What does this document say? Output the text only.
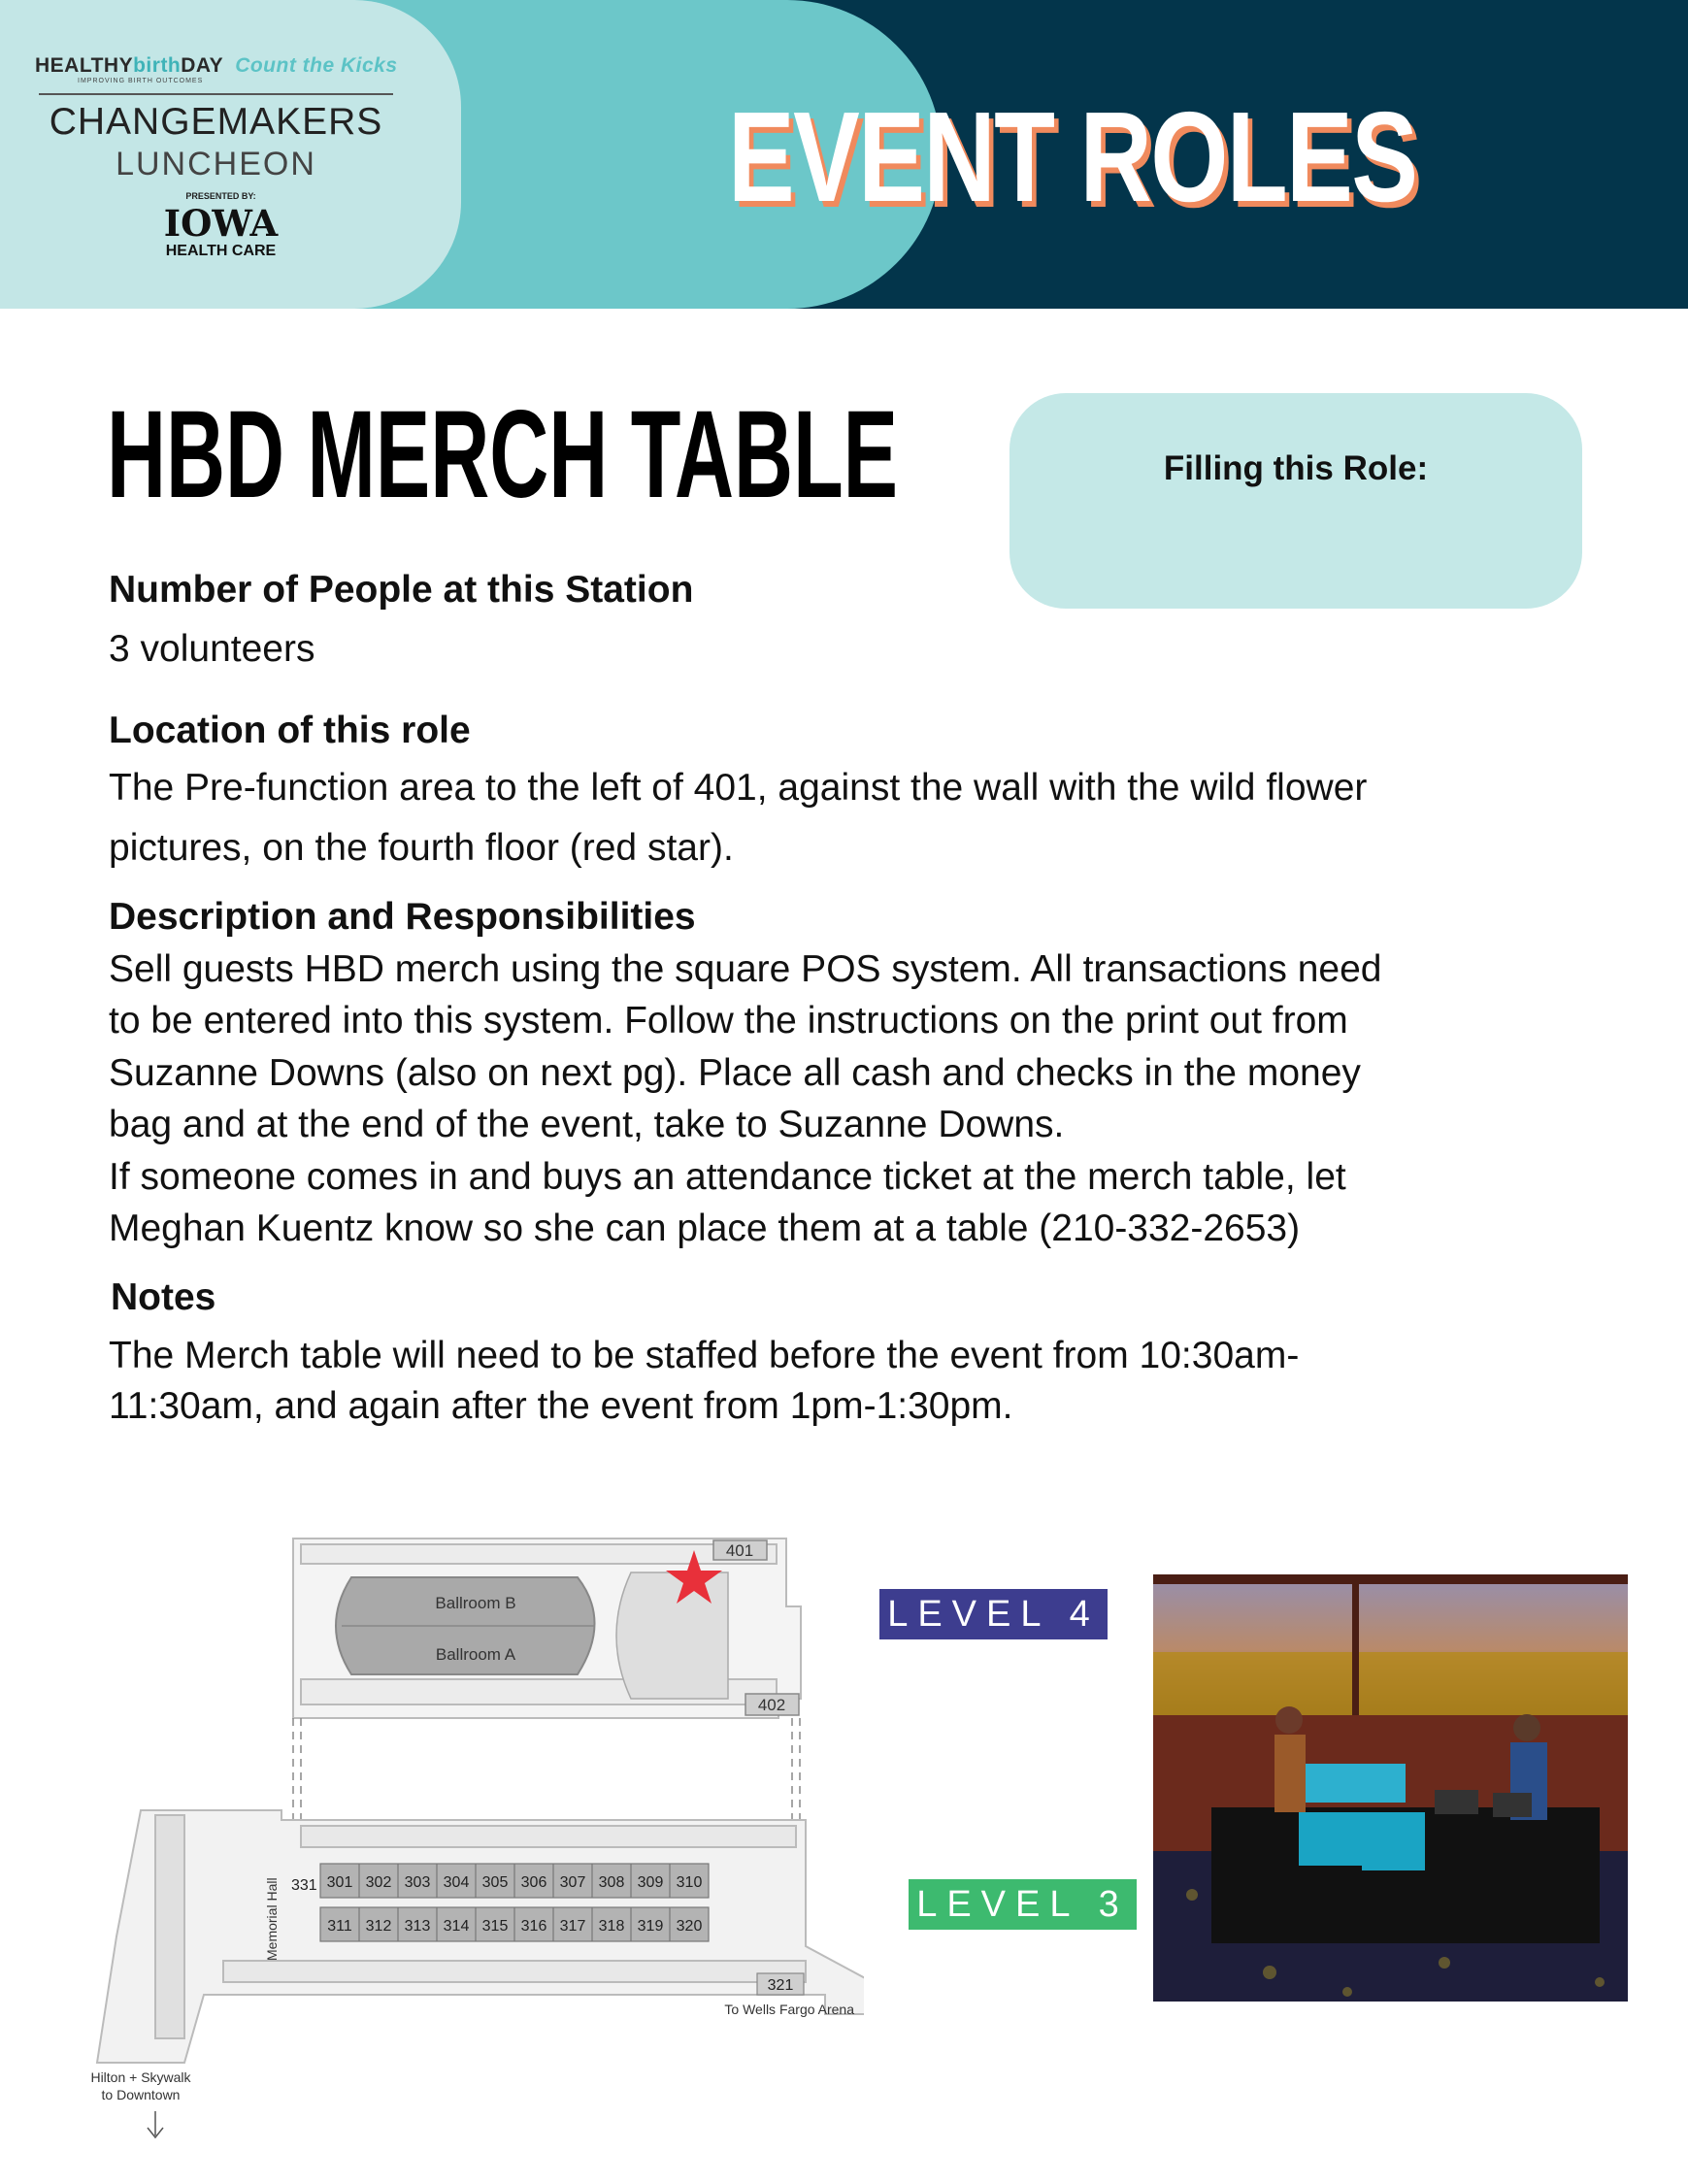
HEALTHYbirthDAY Count the Kicks
IMPROVING BIRTH OUTCOMES
CHANGEMAKERS
LUNCHEON
PRESENTED BY:
IOWA
HEALTH CARE
EVENT ROLES
HBD MERCH TABLE	Filling this Role:
Number of People at this Station
3 volunteers
Location of this role
The Pre-function area to the left of 401, against the wall with the wild flower
pictures, on the fourth floor (red star).
Description and Responsibilities
Sell guests HBD merch using the square POS system. All transactions need
to be entered into this system. Follow the instructions on the print out from
Suzanne Downs (also on next pg). Place all cash and checks in the money
bag and at the end of the event, take to Suzanne Downs.
If someone comes in and buys an attendance ticket at the merch table, let
Meghan Kuentz know so she can place them at a table (210-332-2653)
Notes
The Merch table will need to be staffed before the event from 10:30am-
11:30am, and again after the event from 1pm-1:30pm.
Ballroom B
Ballroom A
401
402
301 302 303 304 305 306 307 308 309 310
311 312 313 314 315 316 317 318 319 320
331
Memorial Hall
321
To Wells Fargo Arena
Hilton + Skywalk
to Downtown
LEVEL 4
LEVEL 3
